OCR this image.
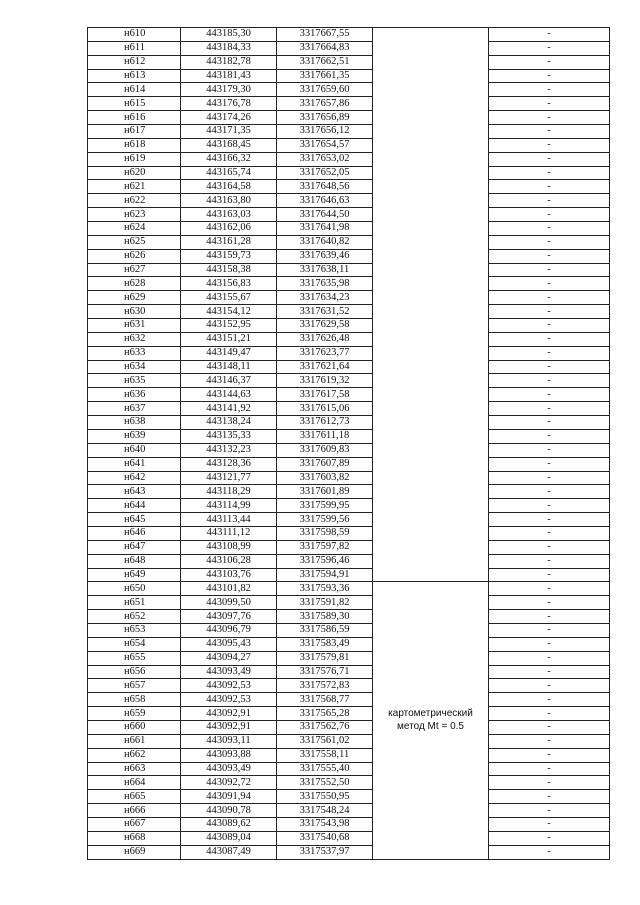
н610	443185,30	3317667,55		-
н611	443184,33	3317664,83		-
н612	443182,78	3317662,51		-
н613	443181,43	3317661,35		-
н614	443179,30	3317659,60		-
н615	443176,78	3317657,86		-
н616	443174,26	3317656,89		-
н617	443171,35	3317656,12		-
н618	443168,45	3317654,57		-
н619	443166,32	3317653,02		-
н620	443165,74	3317652,05		-
н621	443164,58	3317648,56		-
н622	443163,80	3317646,63		-
н623	443163,03	3317644,50		-
н624	443162,06	3317641,98		-
н625	443161,28	3317640,82		-
н626	443159,73	3317639,46		-
н627	443158,38	3317638,11		-
н628	443156,83	3317635,98		-
н629	443155,67	3317634,23		-
н630	443154,12	3317631,52		-
н631	443152,95	3317629,58		-
н632	443151,21	3317626,48		-
н633	443149,47	3317623,77		-
н634	443148,11	3317621,64		-
н635	443146,37	3317619,32		-
н636	443144,63	3317617,58		-
н637	443141,92	3317615,06		-
н638	443138,24	3317612,73		-
н639	443135,33	3317611,18		-
н640	443132,23	3317609,83		-
н641	443128,36	3317607,89		-
н642	443121,77	3317603,82		-
н643	443118,29	3317601,89		-
н644	443114,99	3317599,95		-
н645	443113,44	3317599,56		-
н646	443111,12	3317598,59		-
н647	443108,99	3317597,82		-
н648	443106,28	3317596,46		-
н649	443103,76	3317594,91		-
н650	443101,82	3317593,36	картометрический метод Mt = 0.5	-
н651	443099,50	3317591,82		-
н652	443097,76	3317589,30		-
н653	443096,79	3317586,59		-
н654	443095,43	3317583,49		-
н655	443094,27	3317579,81		-
н656	443093,49	3317576,71		-
н657	443092,53	3317572,83		-
н658	443092,53	3317568,77		-
н659	443092,91	3317565,28		-
н660	443092,91	3317562,76		-
н661	443093,11	3317561,02		-
н662	443093,88	3317558,11		-
н663	443093,49	3317555,40		-
н664	443092,72	3317552,50		-
н665	443091,94	3317550,95		-
н666	443090,78	3317548,24		-
н667	443089,62	3317543,98		-
н668	443089,04	3317540,68		-
н669	443087,49	3317537,97		-
